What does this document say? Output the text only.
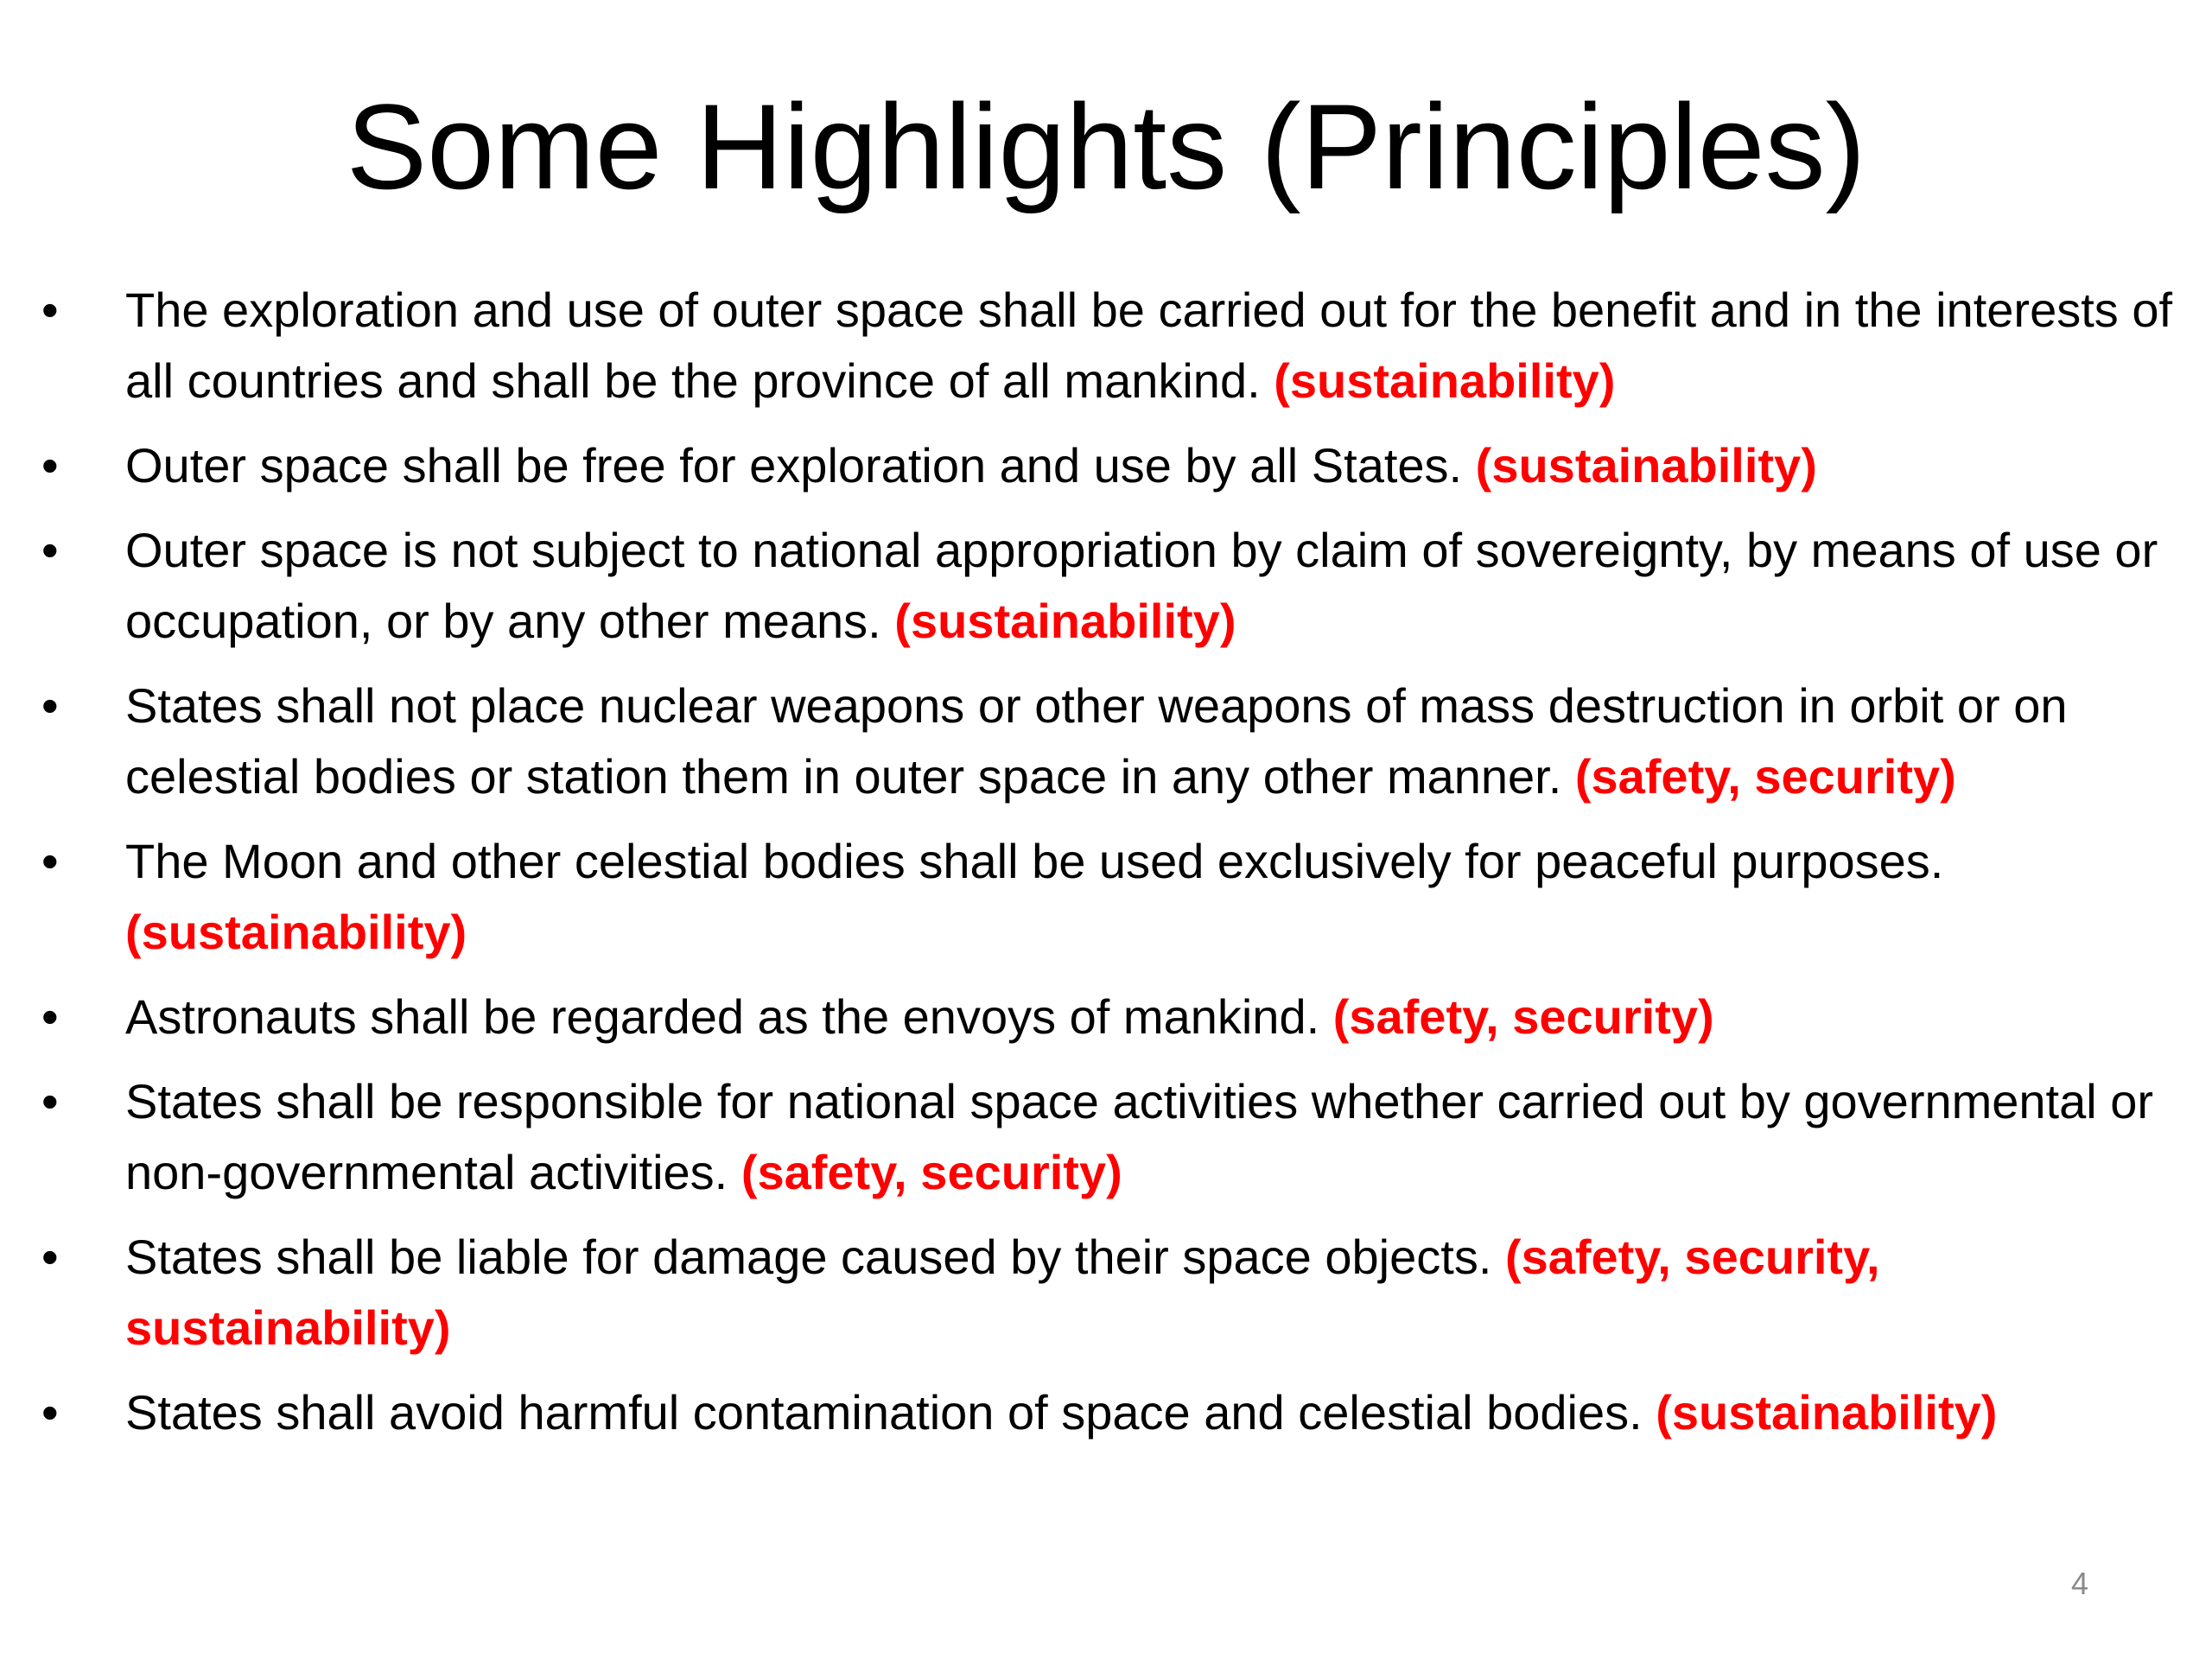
Some Highlights (Principles)
•	The exploration and use of outer space shall be carried out for the benefit and in the interests of all countries and shall be the province of all mankind. (sustainability)
•	Outer space shall be free for exploration and use by all States. (sustainability)
•	Outer space is not subject to national appropriation by claim of sovereignty, by means of use or occupation, or by any other means. (sustainability)
•	States shall not place nuclear weapons or other weapons of mass destruction in orbit or on celestial bodies or station them in outer space in any other manner. (safety, security)
•	The Moon and other celestial bodies shall be used exclusively for peaceful purposes. (sustainability)
•	Astronauts shall be regarded as the envoys of mankind. (safety, security)
•	States shall be responsible for national space activities whether carried out by governmental or non-governmental activities. (safety, security)
•	States shall be liable for damage caused by their space objects. (safety, security, sustainability)
•	States shall avoid harmful contamination of space and celestial bodies. (sustainability)
4
